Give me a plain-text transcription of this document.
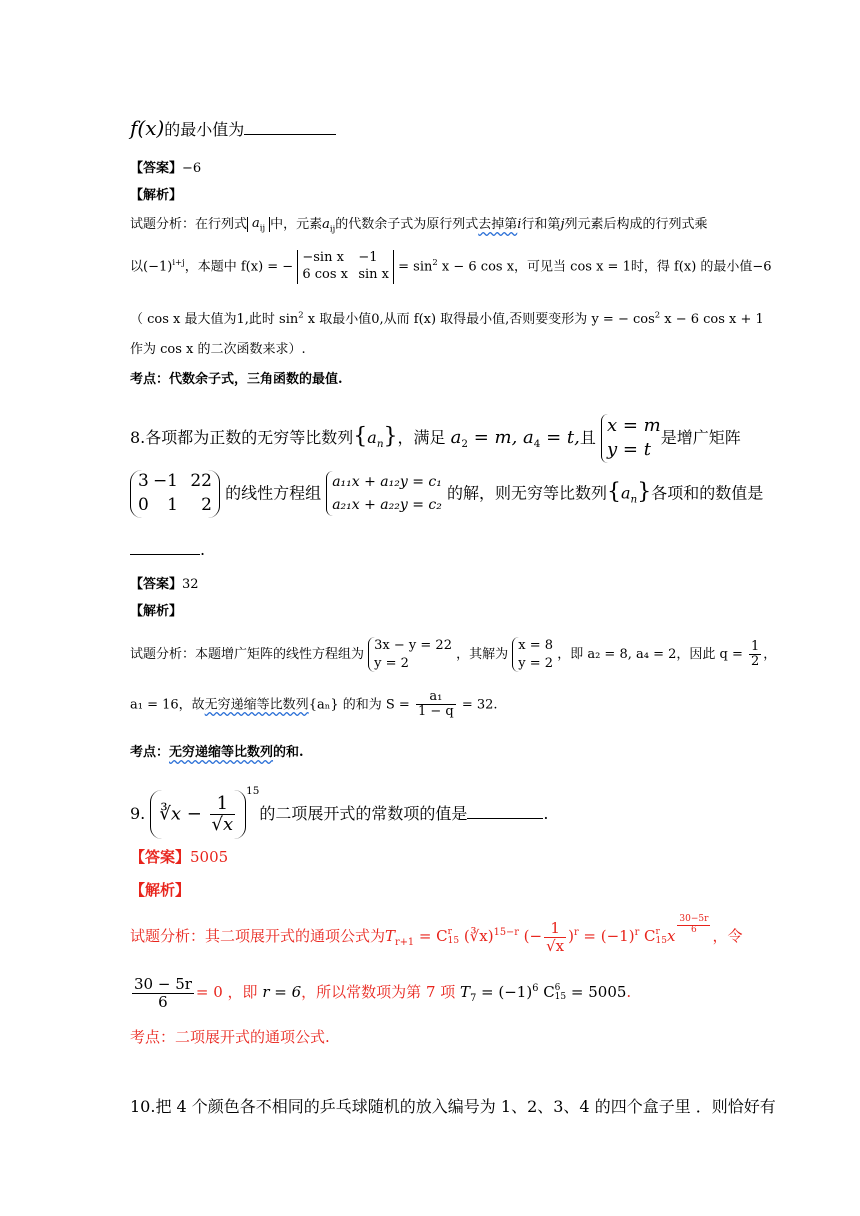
f(x)的最小值为
【答案】−6
【解析】
试题分析：在行列式 $a_{ij}$ 中，元素$a_{ij}$的代数余子式为原行列式去掉第i行和第j列元素后构成的行列式乘
以$(-1)^{i+j}$，本题中 f(x) = −
−sin x −1
6 cos x $\sin x = \sin^2 x - 6$ cos x，可见当 cos x = 1时，得 f(x) 的最小值−6
（ cos x 最大值为1,此时 $\sin^2 x$ 取最小值0,从而 f(x) 取得最小值,否则要变形为 y = − $\cos^2 x - 6$ cos x + 1
作为 cos x 的二次函数来求）.
考点：代数余子式，三角函数的最值.
8.各项都为正数的无穷等比数列$\{a_n\}$，满足 $a_2 = m$, $a_4 = t$,且
x = m
y = t
是增广矩阵
3 −1 22
0 1 2
的线性方程组
a₁₁x + a₁₂y = c₁
a₂₁x + a₂₂y = c₂
的解，则无穷等比数列$\{a_n\}$各项和的数值是
.
【答案】32
【解析】
试题分析：本题增广矩阵的线性方程组为
3x − y = 22
y = 2
，其解为
x = 8
y = 2
，即 a₂ = 8, a₄ = 2，因此 $q = \frac{1}{2}$ ，
a₁ = 16，故无穷递缩等比数列{aₙ} 的和为 $S = \frac{\text{a₁}}{1 - q} = 32$.
考点：无穷递缩等比数列的和.
9. ∛x − $\frac{1}{√x}$
$^{15}$的二项展开式的常数项的值是	.
【答案】5005
【解析】
试题分析：其二项展开式的通项公式为$T_{r+1} = C$ r
15 (∛x)$^{15-r}$ (− $\frac{1}{√x} )^r = (-1)^r$ C r
15 x
$\frac{30-5r}{6}$
，令
$\frac{30 - 5r}{6} = 0$ ，即 r = 6，所以常数项为第 7 项 $T_7 = (-1)^6$ C 6
15 = 5005.
考点：二项展开式的通项公式.
10.把 4 个颜色各不相同的乒乓球随机的放入编号为 1、2、3、4 的四个盒子里 ．则恰好有
